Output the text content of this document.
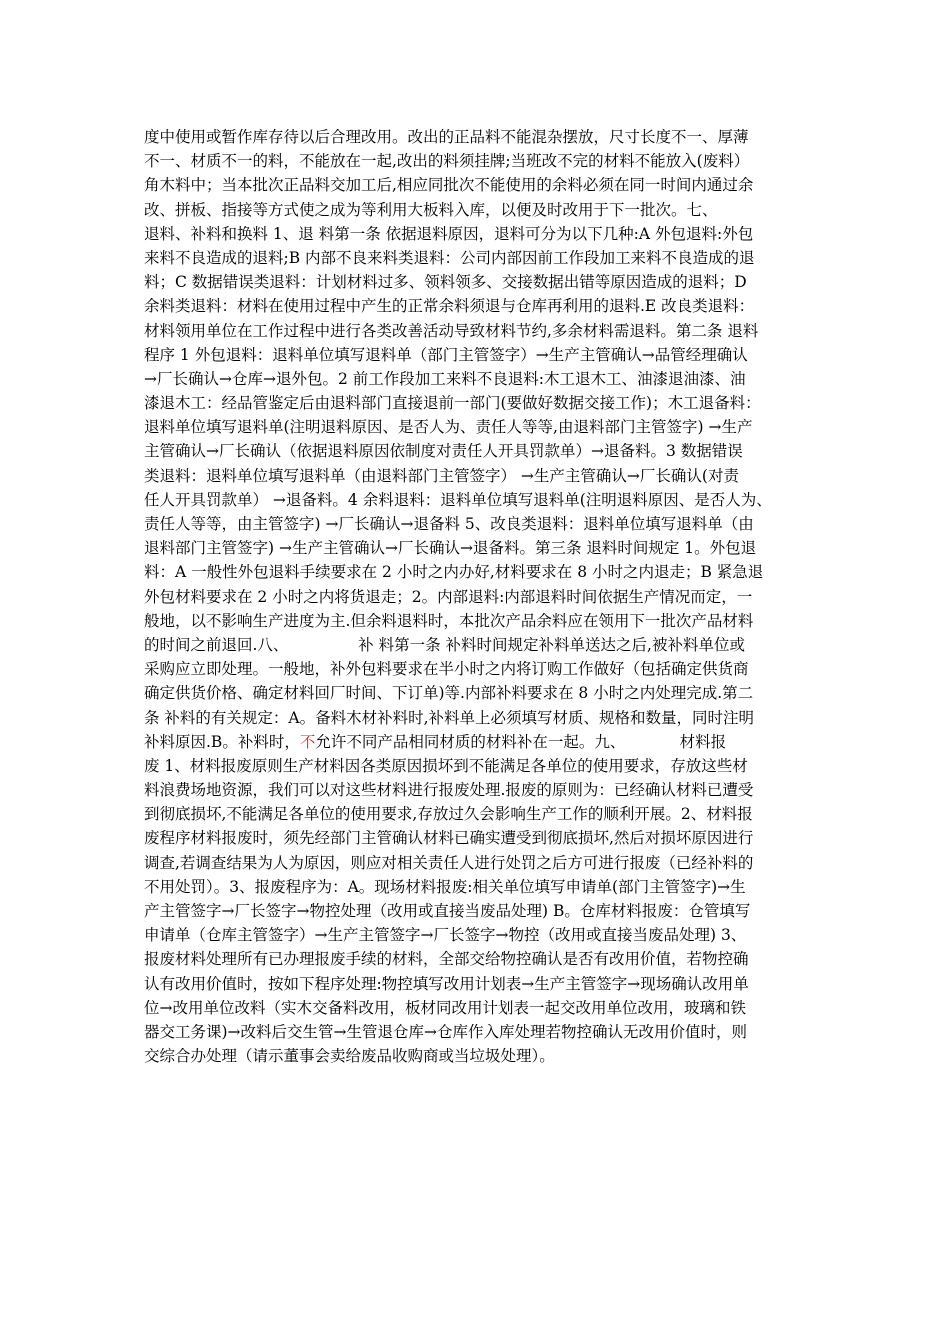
度中使用或暂作库存待以后合理改用。改出的正品料不能混杂摆放，尺寸长度不一、厚薄
不一、材质不一的料，不能放在一起,改出的料须挂牌;当班改不完的材料不能放入(废料）
角木料中；当本批次正品料交加工后,相应同批次不能使用的余料必须在同一时间内通过余
改、拼板、指接等方式使之成为等利用大板料入库，以便及时改用于下一批次。七、
退料、补料和换料 1、退 料第一条 依据退料原因，退料可分为以下几种:A 外包退料:外包
来料不良造成的退料;B 内部不良来料类退料：公司内部因前工作段加工来料不良造成的退
料；C 数据错误类退料：计划材料过多、领料领多、交接数据出错等原因造成的退料；D
余料类退料：材料在使用过程中产生的正常余料须退与仓库再利用的退料.E 改良类退料：
材料领用单位在工作过程中进行各类改善活动导致材料节约,多余材料需退料。第二条 退料
程序 1 外包退料：退料单位填写退料单（部门主管签字）→生产主管确认→品管经理确认
→厂长确认→仓库→退外包。2 前工作段加工来料不良退料:木工退木工、油漆退油漆、油
漆退木工：经品管鉴定后由退料部门直接退前一部门(要做好数据交接工作)；木工退备料：
退料单位填写退料单(注明退料原因、是否人为、责任人等等,由退料部门主管签字) →生产
主管确认→厂长确认（依据退料原因依制度对责任人开具罚款单）→退备料。3 数据错误
类退料：退料单位填写退料单（由退料部门主管签字） →生产主管确认→厂长确认(对责
任人开具罚款单） →退备料。4 余料退料：退料单位填写退料单(注明退料原因、是否人为、
责任人等等，由主管签字) →厂长确认→退备料 5、改良类退料：退料单位填写退料单（由
退料部门主管签字) →生产主管确认→厂长确认→退备料。第三条 退料时间规定 1。外包退
料：A 一般性外包退料手续要求在 2 小时之内办好,材料要求在 8 小时之内退走；B 紧急退
外包材料要求在 2 小时之内将货退走；2。内部退料:内部退料时间依据生产情况而定，一
般地，以不影响生产进度为主.但余料退料时，本批次产品余料应在领用下一批次产品材料
的时间之前退回.八、　　　　　补 料第一条 补料时间规定补料单送达之后,被补料单位或
采购应立即处理。一般地，补外包料要求在半小时之内将订购工作做好（包括确定供货商
确定供货价格、确定材料回厂时间、下订单)等.内部补料要求在 8 小时之内处理完成.第二
条 补料的有关规定：A。备料木材补料时,补料单上必须填写材质、规格和数量，同时注明
补料原因.B。补料时，不允许不同产品相同材质的材料补在一起。九、　　　　材料报
废 1、材料报废原则生产材料因各类原因损坏到不能满足各单位的使用要求，存放这些材
料浪费场地资源，我们可以对这些材料进行报废处理.报废的原则为：已经确认材料已遭受
到彻底损坏,不能满足各单位的使用要求,存放过久会影响生产工作的顺利开展。2、材料报
废程序材料报废时，须先经部门主管确认材料已确实遭受到彻底损坏,然后对损坏原因进行
调查,若调查结果为人为原因，则应对相关责任人进行处罚之后方可进行报废（已经补料的
不用处罚）。3、报废程序为：A。现场材料报废:相关单位填写申请单(部门主管签字)→生
产主管签字→厂长签字→物控处理（改用或直接当废品处理) B。仓库材料报废：仓管填写
申请单（仓库主管签字）→生产主管签字→厂长签字→物控（改用或直接当废品处理) 3、
报废材料处理所有已办理报废手续的材料，全部交给物控确认是否有改用价值，若物控确
认有改用价值时，按如下程序处理:物控填写改用计划表→生产主管签字→现场确认改用单
位→改用单位改料（实木交备料改用，板材同改用计划表一起交改用单位改用，玻璃和铁
器交工务课)→改料后交生管→生管退仓库→仓库作入库处理若物控确认无改用价值时，则
交综合办处理（请示董事会卖给废品收购商或当垃圾处理）。
